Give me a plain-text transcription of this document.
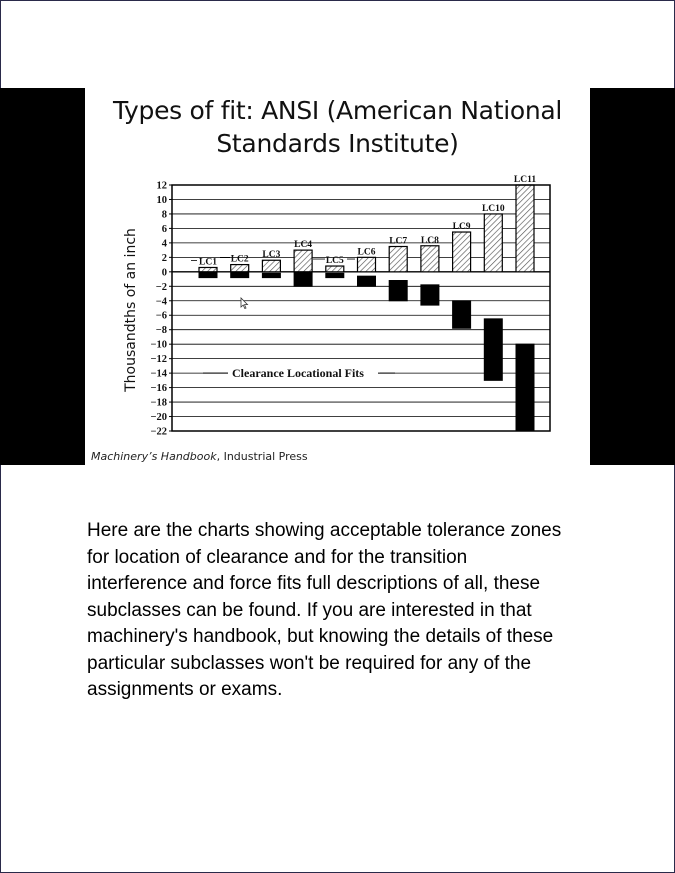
Types of fit: ANSI (American National
Standards Institute)
LC1 LC2 LC3
LC4
LC5
LC6
LC7 LC8
LC9
LC10
LC11
12
10
8
6
4
2
0
−2
−4
−6
−8
−10
−12
−14
−16
−18
−20
−22
Thousandths of an inch	Clearance Locational Fits
Machinery’s Handbook, Industrial Press
Here are the charts showing acceptable tolerance zones
for location of clearance and for the transition
interference and force fits full descriptions of all, these
subclasses can be found. If you are interested in that
machinery's handbook, but knowing the details of these
particular subclasses won't be required for any of the
assignments or exams.
